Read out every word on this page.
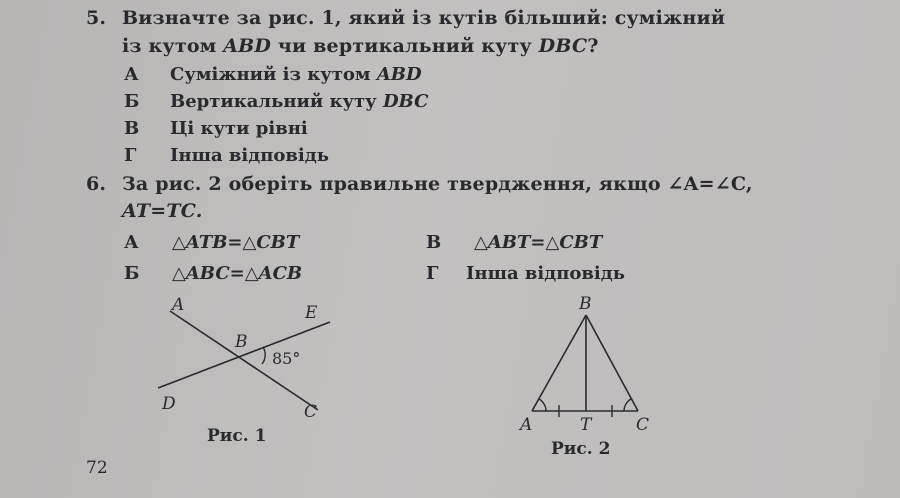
5. Визначте за рис. 1, який із кутів більший: суміжний
із кутом ABD чи вертикальний куту DBC?
А Суміжний із кутом ABD
Б Вертикальний куту DBC
В Ці кути рівні
Г Інша відповідь
6. За рис. 2 оберіть правильне твердження, якщо ∠A=∠C,
AT=TC.
А △ATB=△CBT
Б △ABC=△ACB
В △ABT=△CBT
Г Інша відповідь
A	E
B
85°
D	C
Рис. 1
B
A	T	C
Рис. 2
72
